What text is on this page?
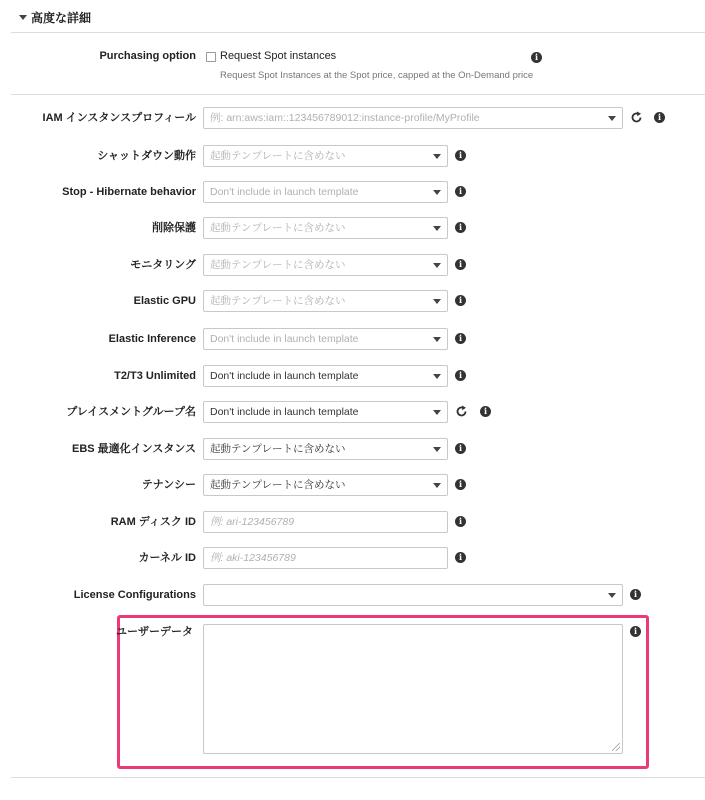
高度な詳細
Purchasing option Request Spot instances
Request Spot Instances at the Spot price, capped at the On-Demand price
i
IAM インスタンスプロフィール	例: arn:aws:iam::123456789012:instance-profile/MyProfile	i
シャットダウン動作	起動テンプレートに含めない	i
Stop - Hibernate behavior	Don't include in launch template	i
削除保護	起動テンプレートに含めない	i
モニタリング	起動テンプレートに含めない	i
Elastic GPU	起動テンプレートに含めない	i
Elastic Inference	Don't include in launch template	i
T2/T3 Unlimited	Don't include in launch template	i
プレイスメントグループ名	Don't include in launch template	i
EBS 最適化インスタンス	起動テンプレートに含めない	i
テナンシー	起動テンプレートに含めない	i
RAM ディスク ID	例: ari-123456789	i
カーネル ID	例: aki-123456789	i
License Configurations	i
ユーザーデータ	i
